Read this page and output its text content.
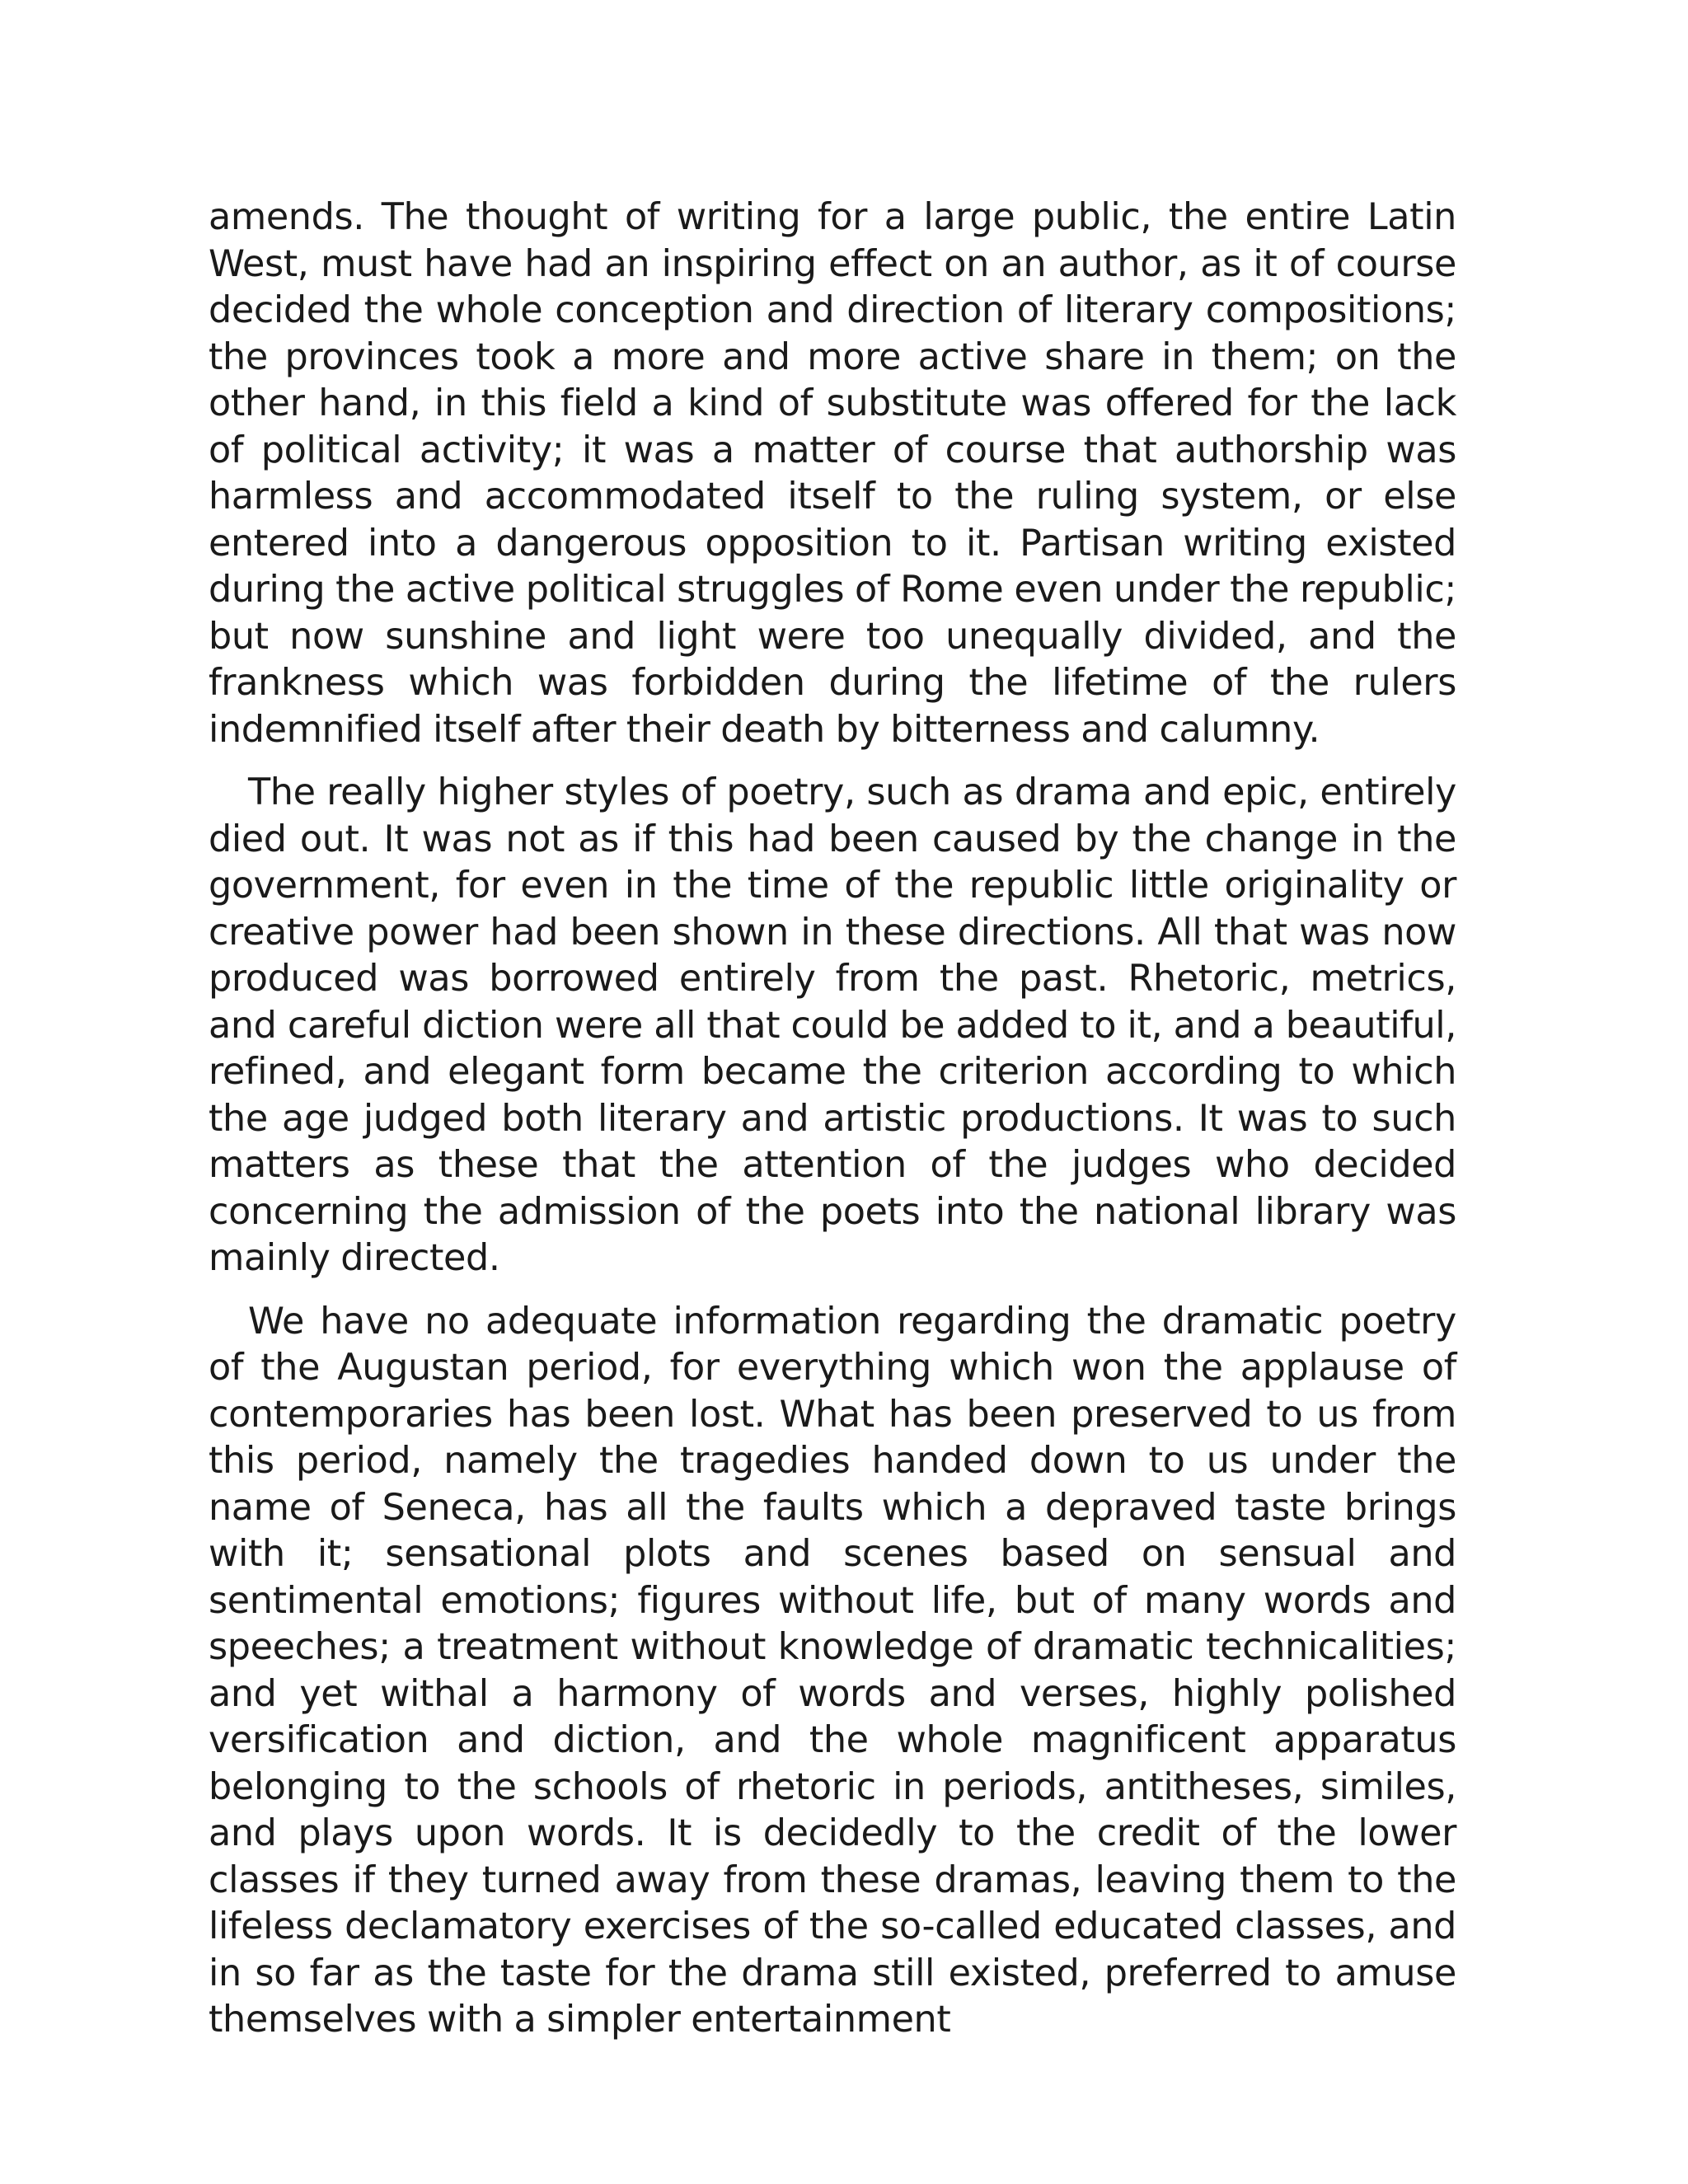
amends. The thought of writing for a large public, the entire Latin West, must have had an inspiring effect on an author, as it of course decided the whole conception and direction of literary compositions; the provinces took a more and more active share in them; on the other hand, in this field a kind of substitute was offered for the lack of political activity; it was a matter of course that authorship was harmless and accommodated itself to the ruling system, or else entered into a dangerous opposition to it. Partisan writing existed during the active political struggles of Rome even under the republic; but now sunshine and light were too unequally divided, and the frankness which was forbidden during the lifetime of the rulers indemnified itself after their death by bitterness and calumny.

The really higher styles of poetry, such as drama and epic, entirely died out. It was not as if this had been caused by the change in the government, for even in the time of the republic little originality or creative power had been shown in these directions. All that was now produced was borrowed entirely from the past. Rhetoric, metrics, and careful diction were all that could be added to it, and a beautiful, refined, and elegant form became the criterion according to which the age judged both literary and artistic productions. It was to such matters as these that the attention of the judges who decided concerning the admission of the poets into the national library was mainly directed.

We have no adequate information regarding the dramatic poetry of the Augustan period, for everything which won the applause of contemporaries has been lost. What has been preserved to us from this period, namely the tragedies handed down to us under the name of Seneca, has all the faults which a depraved taste brings with it; sensational plots and scenes based on sensual and sentimental emotions; figures without life, but of many words and speeches; a treatment without knowledge of dramatic technicalities; and yet withal a harmony of words and verses, highly polished versification and diction, and the whole magnificent apparatus belonging to the schools of rhetoric in periods, antitheses, similes, and plays upon words. It is decidedly to the credit of the lower classes if they turned away from these dramas, leaving them to the lifeless declamatory exercises of the so-called educated classes, and in so far as the taste for the drama still existed, preferred to amuse themselves with a simpler entertainment
